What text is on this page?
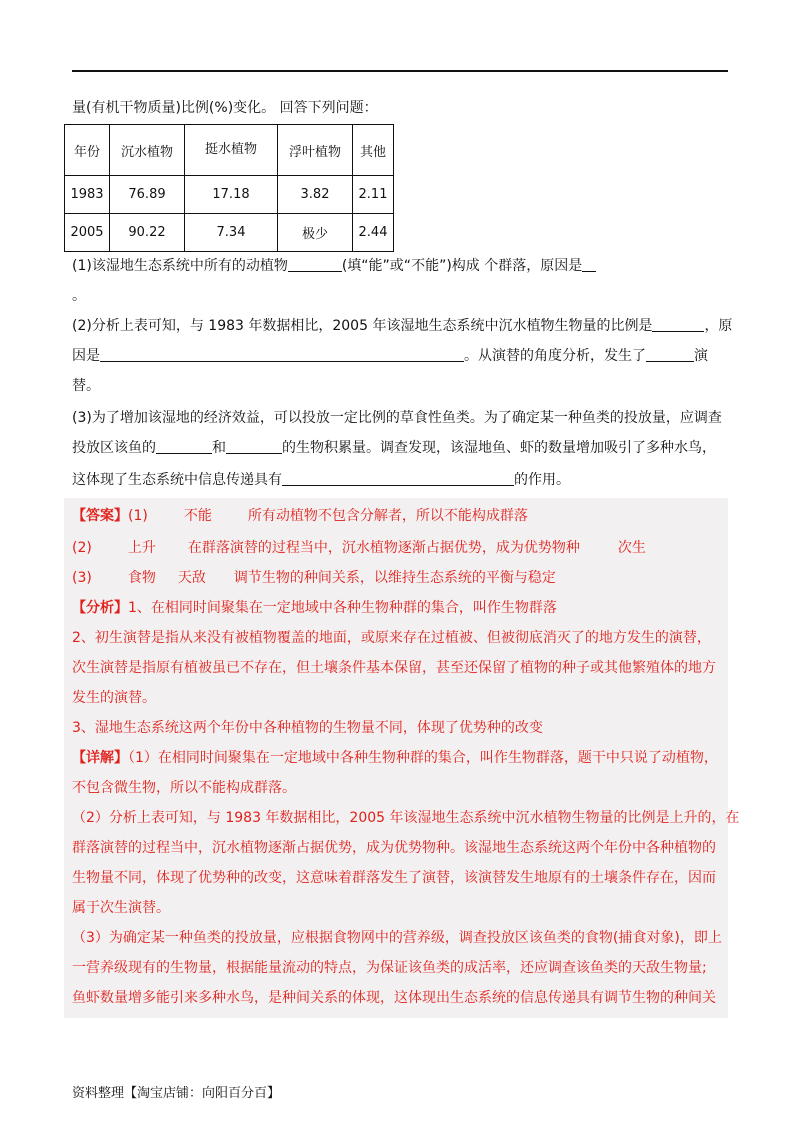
量(有机干物质量)比例(%)变化。 回答下列问题：
年份	沉水植物	挺水植物	浮叶植物	其他
1983	76.89	17.18	3.82	2.11
2005	90.22	7.34	极少	2.44
(1)该湿地生态系统中所有的动植物	(填“能”或“不能”)构成 个群落，原因是
。
(2)分析上表可知，与 1983 年数据相比，2005 年该湿地生态系统中沉水植物生物量的比例是	，原
因是	。从演替的角度分析，发生了	演
替。
(3)为了增加该湿地的经济效益，可以投放一定比例的草食性鱼类。为了确定某一种鱼类的投放量，应调查
投放区该鱼的	和	的生物积累量。调查发现，该湿地鱼、虾的数量增加吸引了多种水鸟，
这体现了生态系统中信息传递具有	的作用。
【答案】(1)	不能	所有动植物不包含分解者，所以不能构成群落
(2)	上升 在群落演替的过程当中，沉水植物逐渐占据优势，成为优势物种	次生
(3)	食物 天敌 调节生物的种间关系，以维持生态系统的平衡与稳定
【分析】1、在相同时间聚集在一定地域中各种生物种群的集合，叫作生物群落
2、初生演替是指从来没有被植物覆盖的地面，或原来存在过植被、但被彻底消灭了的地方发生的演替，
次生演替是指原有植被虽已不存在，但土壤条件基本保留，甚至还保留了植物的种子或其他繁殖体的地方
发生的演替。
3、湿地生态系统这两个年份中各种植物的生物量不同，体现了优势种的改变
【详解】（1）在相同时间聚集在一定地域中各种生物种群的集合，叫作生物群落，题干中只说了动植物，
不包含微生物，所以不能构成群落。
（2）分析上表可知，与 1983 年数据相比，2005 年该湿地生态系统中沉水植物生物量的比例是上升的，在
群落演替的过程当中，沉水植物逐渐占据优势，成为优势物种。该湿地生态系统这两个年份中各种植物的
生物量不同，体现了优势种的改变，这意味着群落发生了演替，该演替发生地原有的土壤条件存在，因而
属于次生演替。
（3）为确定某一种鱼类的投放量，应根据食物网中的营养级，调查投放区该鱼类的食物(捕食对象)，即上
一营养级现有的生物量，根据能量流动的特点，为保证该鱼类的成活率，还应调查该鱼类的天敌生物量;
鱼虾数量增多能引来多种水鸟，是种间关系的体现，这体现出生态系统的信息传递具有调节生物的种间关
资料整理【淘宝店铺：向阳百分百】
